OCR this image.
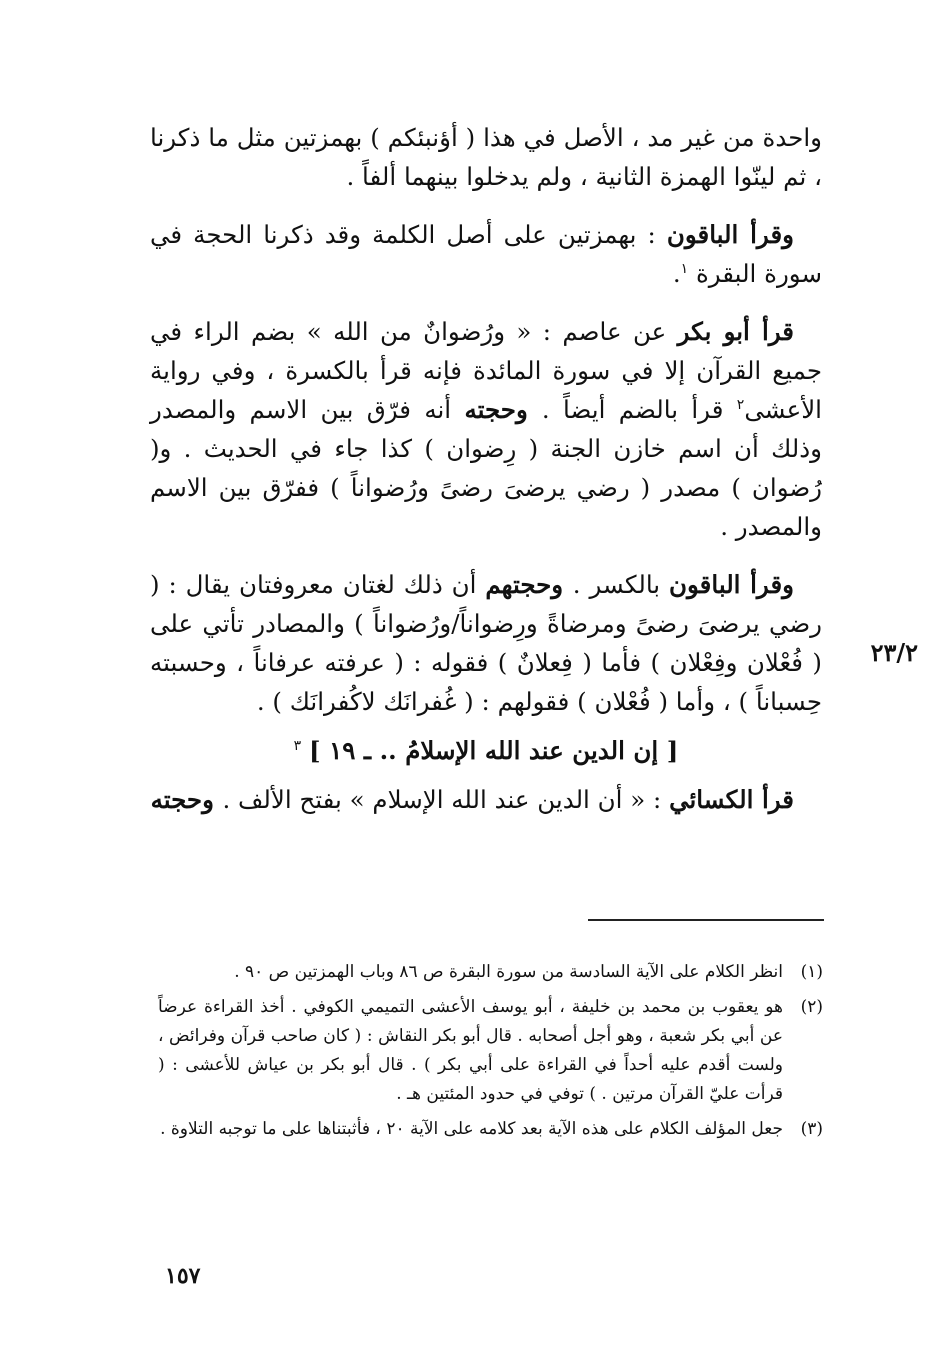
واحدة من غير مد ، الأصل في هذا ( أؤنبئكم ) بهمزتين مثل ما ذكرنا ، ثم لينّوا الهمزة الثانية ، ولم يدخلوا بينهما ألفاً .

وقرأ الباقون : بهمزتين على أصل الكلمة وقد ذكرنا الحجة في سورة البقرة $^١$.

قرأ أبو بكر عن عاصم : « ورُضوانٌ من الله » بضم الراء في جميع القرآن إلا في سورة المائدة فإنه قرأ بالكسرة ، وفي رواية الأعشى$^٢$ قرأ بالضم أيضاً . وحجته أنه فرّق بين الاسم والمصدر وذلك أن اسم خازن الجنة ( رِضوان ) كذا جاء في الحديث . و( رُضوان ) مصدر ( رضي يرضىَ رضىً ورُضواناً ) ففرّق بين الاسم والمصدر .

وقرأ الباقون بالكسر . وحجتهم أن ذلك لغتان معروفتان يقال : ( رضي يرضىَ رضىً ومرضاةً ورِضواناً/ورُضواناً ) والمصادر تأتي على ( فُعْلان وفِعْلان ) فأما ( فِعلانٌ ) فقوله : ( عرفته عرفاناً ، وحسبته حِسباناً ) ، وأما ( فُعْلان ) فقولهم : ( غُفرانَك لاكُفرانَك ) .

[ إن الدين عند الله الإسلامُ .. ـ ١٩ ] $^٣$

قرأ الكسائي : « أن الدين عند الله الإسلام » بفتح الألف . وحجته

٢٣/٢
(١)
انظر الكلام على الآية السادسة من سورة البقرة ص ٨٦ وباب الهمزتين ص ٩٠ .
(٢)
هو يعقوب بن محمد بن خليفة ، أبو يوسف الأعشى التميمي الكوفي . أخذ القراءة عرضاً عن أبي بكر شعبة ، وهو أجل أصحابه . قال أبو بكر النقاش : ( كان صاحب قرآن وفرائض ، ولست أقدم عليه أحداً في القراءة على أبي بكر ) . قال أبو بكر بن عياش للأعشى : ( قرأت عليّ القرآن مرتين . ) توفي في حدود المئتين هـ .
(٣)
جعل المؤلف الكلام على هذه الآية بعد كلامه على الآية ٢٠ ، فأثبتناها على ما توجبه التلاوة .
١٥٧
